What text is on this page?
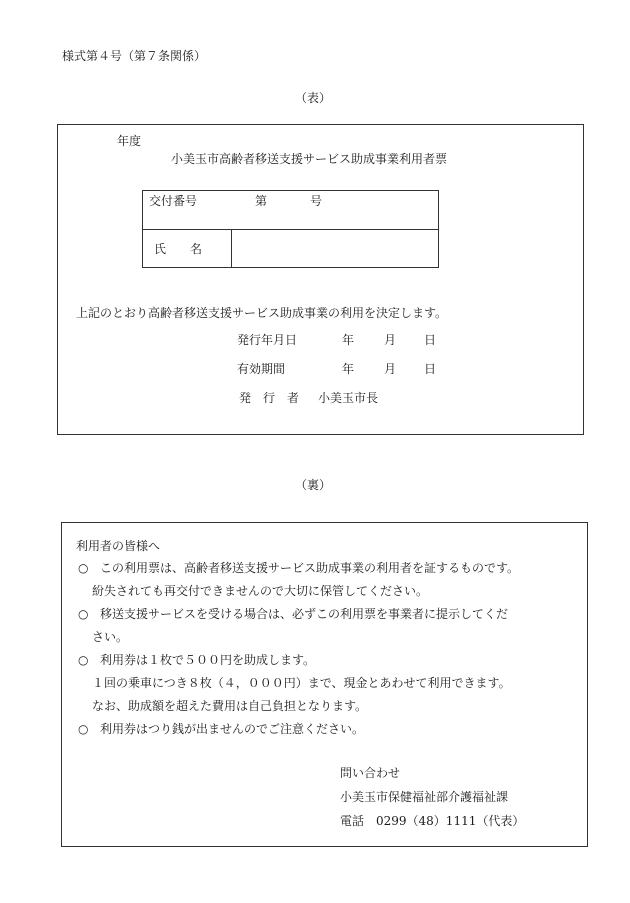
様式第４号（第７条関係）
（表）
年度
小美玉市高齢者移送支援サービス助成事業利用者票
交付番号	第	号
氏　　名
上記のとおり高齢者移送支援サービス助成事業の利用を決定します。
発行年月日	年 月 日
有効期間	年 月 日
発　行　者 小美玉市長
（裏）
利用者の皆様へ
○ この利用票は、高齢者移送支援サービス助成事業の利用者を証するものです。
紛失されても再交付できませんので大切に保管してください。
○ 移送支援サービスを受ける場合は、必ずこの利用票を事業者に提示してくだ
さい。
○ 利用券は１枚で５００円を助成します。
１回の乗車につき８枚（４，０００円）まで、現金とあわせて利用できます。
なお、助成額を超えた費用は自己負担となります。
○ 利用券はつり銭が出ませんのでご注意ください。
問い合わせ
小美玉市保健福祉部介護福祉課
電話　0299（48）1111（代表）
